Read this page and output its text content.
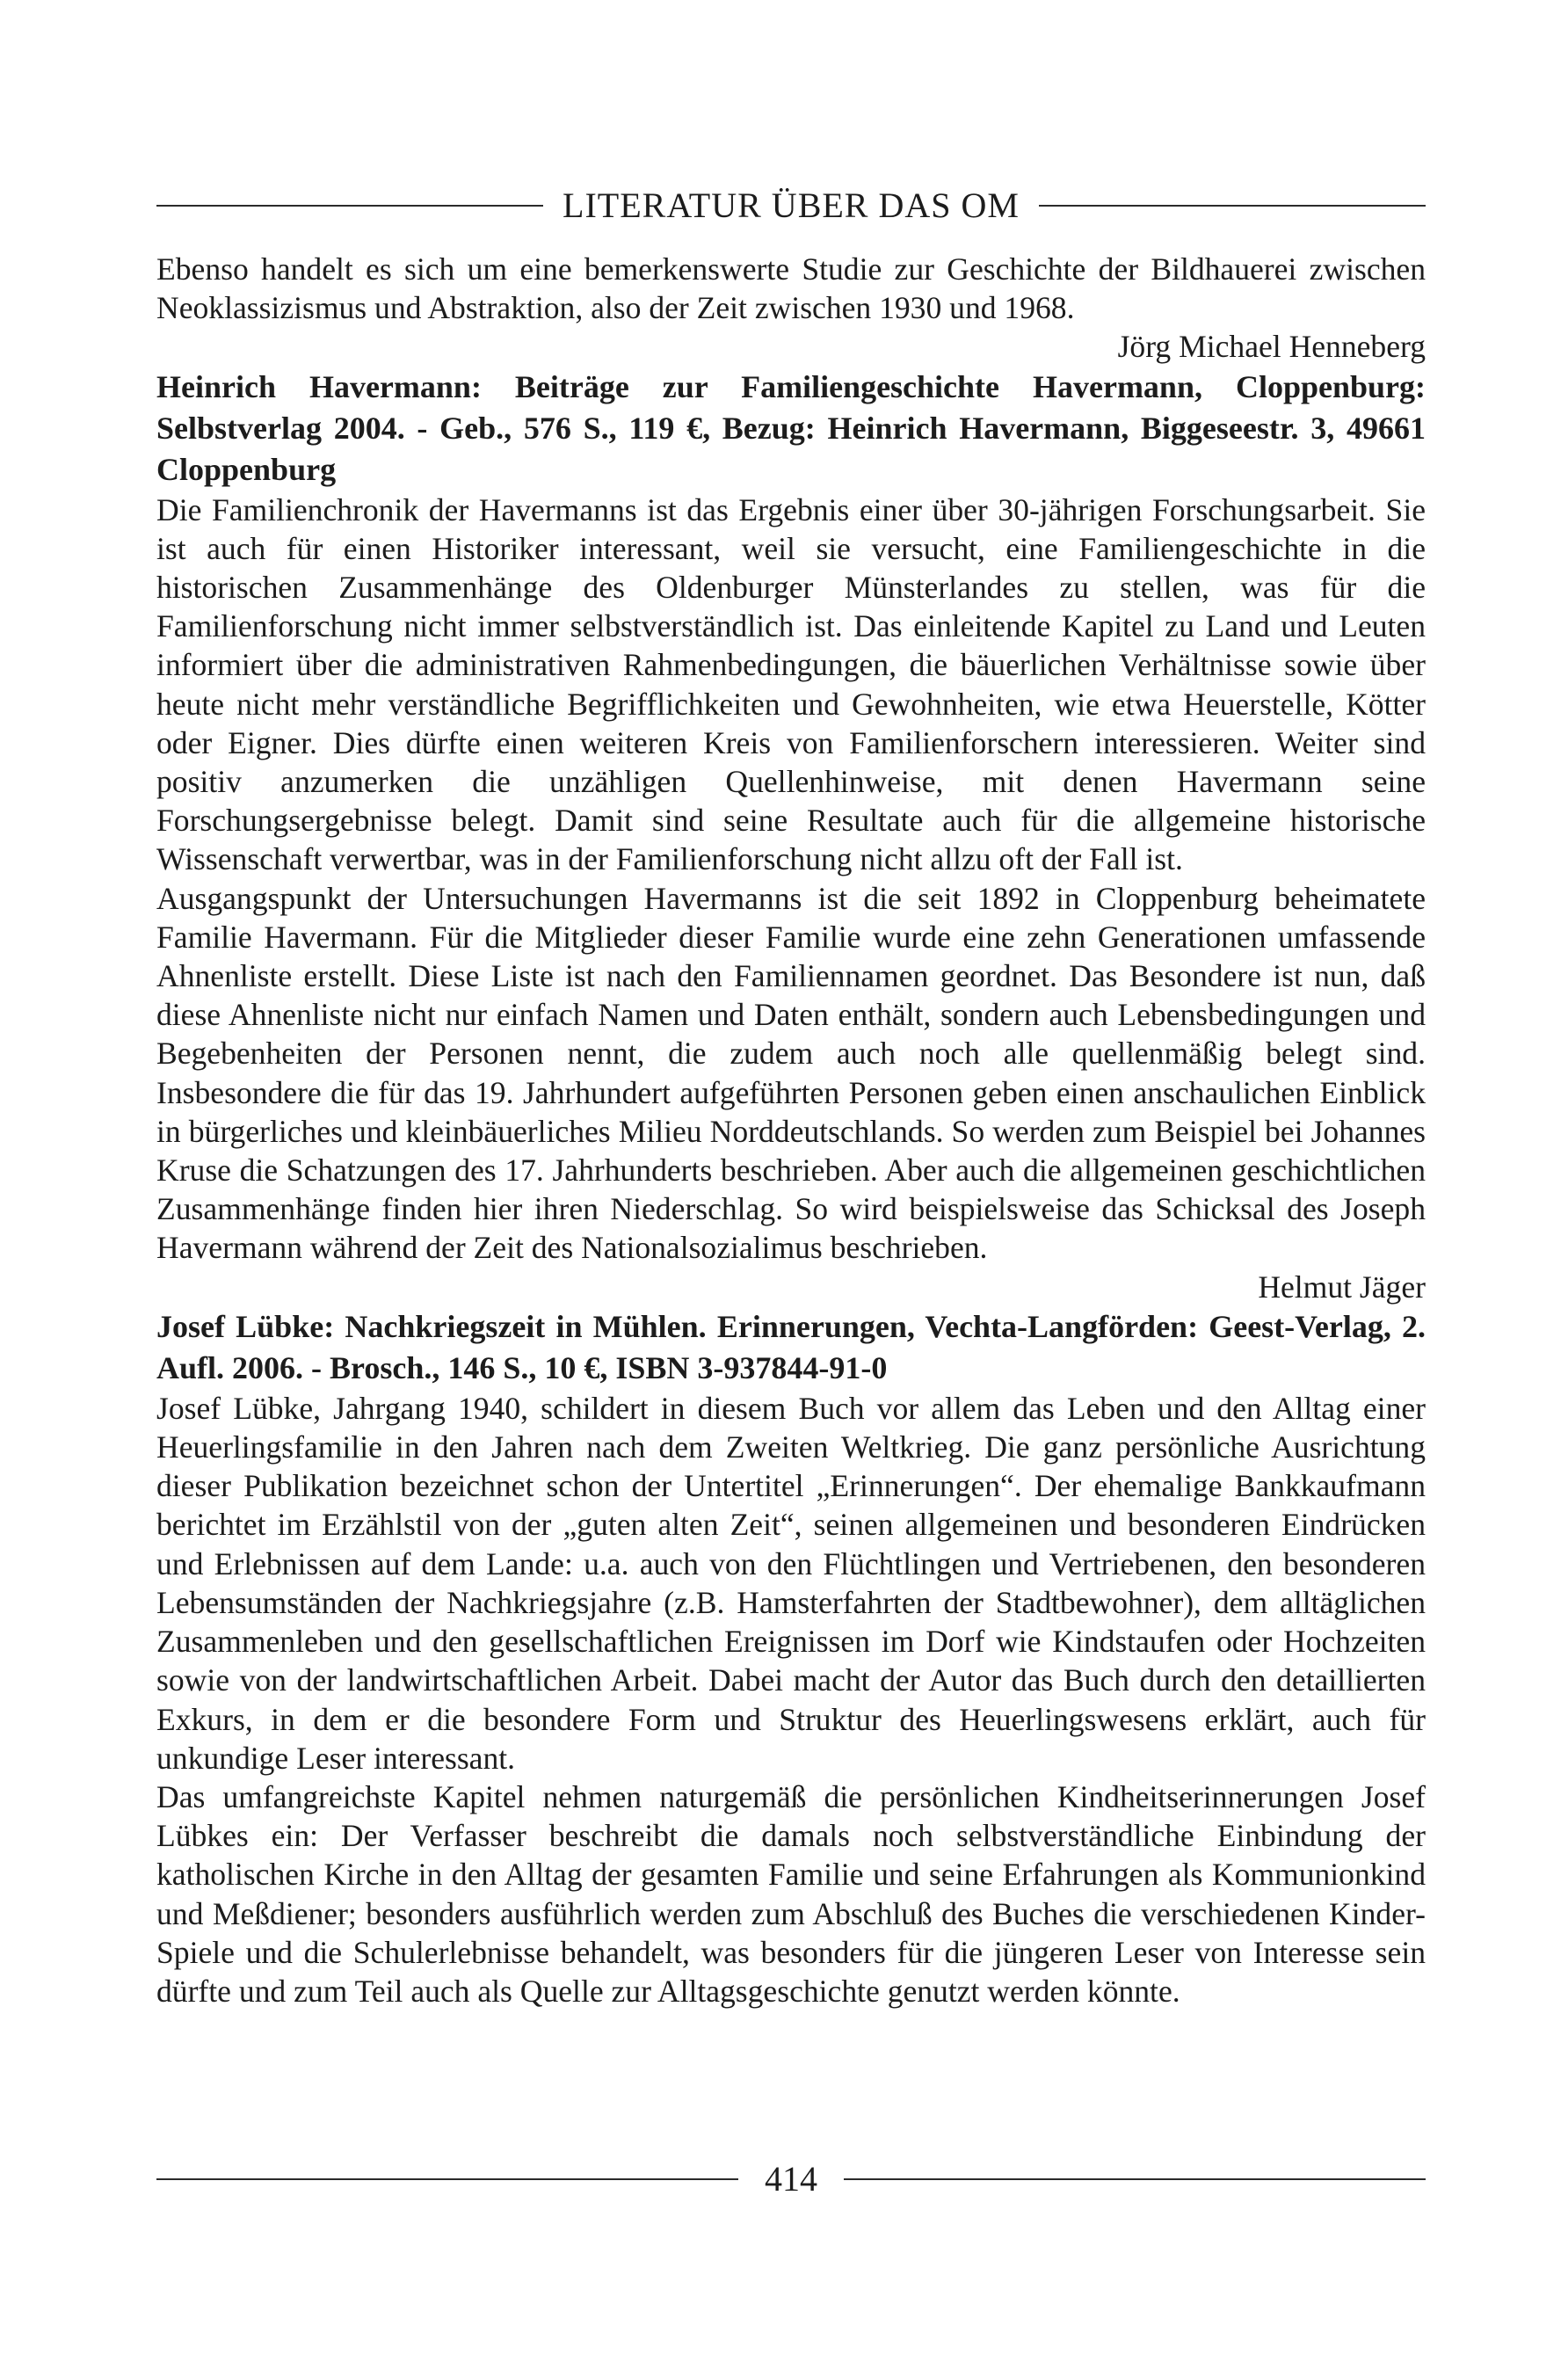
LITERATUR ÜBER DAS OM

Ebenso handelt es sich um eine bemerkenswerte Studie zur Geschichte der Bildhauerei zwischen Neoklassizismus und Abstraktion, also der Zeit zwischen 1930 und 1968.

Jörg Michael Henneberg

Heinrich Havermann: Beiträge zur Familiengeschichte Havermann, Cloppenburg: Selbstverlag 2004. - Geb., 576 S., 119 €, Bezug: Heinrich Havermann, Biggeseestr. 3, 49661 Cloppenburg

Die Familienchronik der Havermanns ist das Ergebnis einer über 30-jährigen Forschungsarbeit. Sie ist auch für einen Historiker interessant, weil sie versucht, eine Familiengeschichte in die historischen Zusammenhänge des Oldenburger Münsterlandes zu stellen, was für die Familienforschung nicht immer selbstverständlich ist. Das einleitende Kapitel zu Land und Leuten informiert über die administrativen Rahmenbedingungen, die bäuerlichen Verhältnisse sowie über heute nicht mehr verständliche Begrifflichkeiten und Gewohnheiten, wie etwa Heuerstelle, Kötter oder Eigner. Dies dürfte einen weiteren Kreis von Familienforschern interessieren. Weiter sind positiv anzumerken die unzähligen Quellenhinweise, mit denen Havermann seine Forschungsergebnisse belegt. Damit sind seine Resultate auch für die allgemeine historische Wissenschaft verwertbar, was in der Familienforschung nicht allzu oft der Fall ist.

Ausgangspunkt der Untersuchungen Havermanns ist die seit 1892 in Cloppenburg beheimatete Familie Havermann. Für die Mitglieder dieser Familie wurde eine zehn Generationen umfassende Ahnenliste erstellt. Diese Liste ist nach den Familiennamen geordnet. Das Besondere ist nun, daß diese Ahnenliste nicht nur einfach Namen und Daten enthält, sondern auch Lebensbedingungen und Begebenheiten der Personen nennt, die zudem auch noch alle quellenmäßig belegt sind. Insbesondere die für das 19. Jahrhundert aufgeführten Personen geben einen anschaulichen Einblick in bürgerliches und kleinbäuerliches Milieu Norddeutschlands. So werden zum Beispiel bei Johannes Kruse die Schatzungen des 17. Jahrhunderts beschrieben. Aber auch die allgemeinen geschichtlichen Zusammenhänge finden hier ihren Niederschlag. So wird beispielsweise das Schicksal des Joseph Havermann während der Zeit des Nationalsozialimus beschrieben.

Helmut Jäger

Josef Lübke: Nachkriegszeit in Mühlen. Erinnerungen, Vechta-Langförden: Geest-Verlag, 2. Aufl. 2006. - Brosch., 146 S., 10 €, ISBN 3-937844-91-0

Josef Lübke, Jahrgang 1940, schildert in diesem Buch vor allem das Leben und den Alltag einer Heuerlingsfamilie in den Jahren nach dem Zweiten Weltkrieg. Die ganz persönliche Ausrichtung dieser Publikation bezeichnet schon der Untertitel „Erinnerungen“. Der ehemalige Bankkaufmann berichtet im Erzählstil von der „guten alten Zeit“, seinen allgemeinen und besonderen Eindrücken und Erlebnissen auf dem Lande: u.a. auch von den Flüchtlingen und Vertriebenen, den besonderen Lebensumständen der Nachkriegsjahre (z.B. Hamsterfahrten der Stadtbewohner), dem alltäglichen Zusammenleben und den gesellschaftlichen Ereignissen im Dorf wie Kindstaufen oder Hochzeiten sowie von der landwirtschaftlichen Arbeit. Dabei macht der Autor das Buch durch den detaillierten Exkurs, in dem er die besondere Form und Struktur des Heuerlingswesens erklärt, auch für unkundige Leser interessant.

Das umfangreichste Kapitel nehmen naturgemäß die persönlichen Kindheitserinnerungen Josef Lübkes ein: Der Verfasser beschreibt die damals noch selbstverständliche Einbindung der katholischen Kirche in den Alltag der gesamten Familie und seine Erfahrungen als Kommunionkind und Meßdiener; besonders ausführlich werden zum Abschluß des Buches die verschiedenen Kinder-Spiele und die Schulerlebnisse behandelt, was besonders für die jüngeren Leser von Interesse sein dürfte und zum Teil auch als Quelle zur Alltagsgeschichte genutzt werden könnte.

414
